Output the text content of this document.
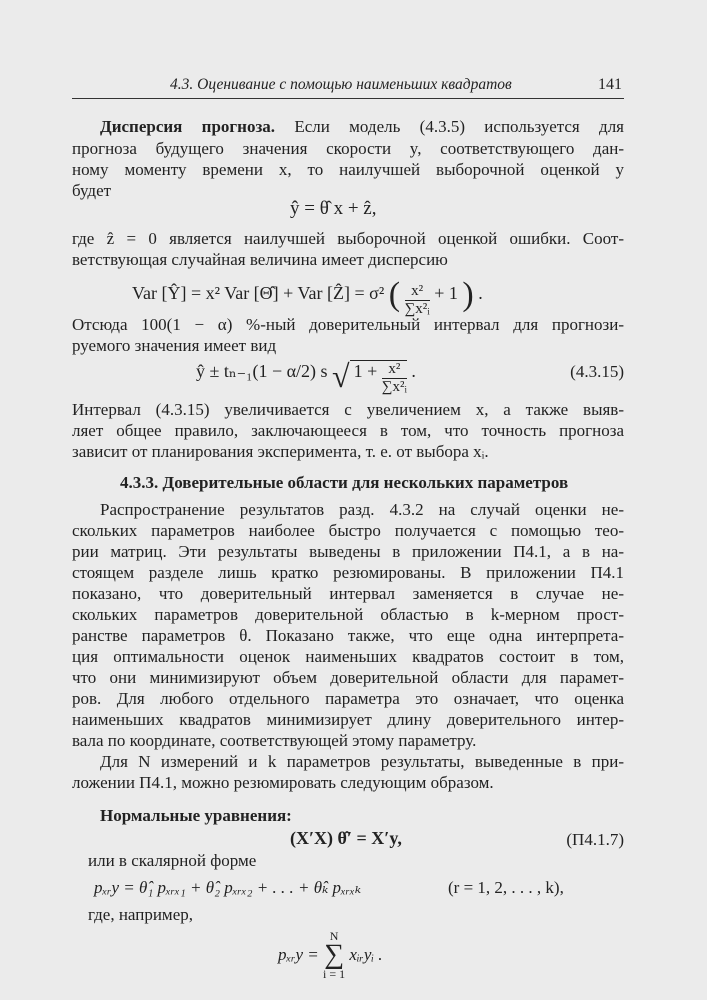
4.3. Оценивание с помощью наименьших квадратов	141
Дисперсия прогноза. Если модель (4.3.5) используется для
прогноза будущего значения скорости y, соответствующего дан-
ному моменту времени x, то наилучшей выборочной оценкой y
будет
ŷ = θ̂ x + ẑ,
где ẑ = 0 является наилучшей выборочной оценкой ошибки. Соот-
ветствующая случайная величина имеет дисперсию
Var [Ŷ] = x² Var [Θ̂] + Var [Ẑ] = σ² ( $\frac{\text{x²}}{\text{∑x²ᵢ}} + 1$ ) .
Отсюда 100(1 − α) %-ный доверительный интервал для прогнози-
руемого значения имеет вид
ŷ ± tₙ₋₁(1 − α/2) s √ $1 + \frac{\text{x²}}{\text{∑x²ᵢ}}$ .	(4.3.15)
Интервал (4.3.15) увеличивается с увеличением x, а также выяв-
ляет общее правило, заключающееся в том, что точность прогноза
зависит от планирования эксперимента, т. е. от выбора xᵢ.
4.3.3. Доверительные области для нескольких параметров
Распространение результатов разд. 4.3.2 на случай оценки не-
скольких параметров наиболее быстро получается с помощью тео-
рии матриц. Эти результаты выведены в приложении П4.1, а в на-
стоящем разделе лишь кратко резюмированы. В приложении П4.1
показано, что доверительный интервал заменяется в случае не-
скольких параметров доверительной областью в k-мерном прост-
ранстве параметров θ. Показано также, что еще одна интерпрета-
ция оптимальности оценок наименьших квадратов состоит в том,
что они минимизируют объем доверительной области для парамет-
ров. Для любого отдельного параметра это означает, что оценка
наименьших квадратов минимизирует длину доверительного интер-
вала по координате, соответствующей этому параметру.
Для N измерений и k параметров результаты, выведенные в при-
ложении П4.1, можно резюмировать следующим образом.
Нормальные уравнения:
(X′X) θ̂′ = X′y,	(П4.1.7)
или в скалярной форме
pₓᵣy = θ̂₁ pₓᵣₓ₁ + θ̂₂ pₓᵣₓ₂ + . . . + θ̂ₖ pₓᵣₓₖ	(r = 1, 2, . . . , k),
где, например,
pₓᵣy =
N
∑
i = 1
xᵢᵣyᵢ .
